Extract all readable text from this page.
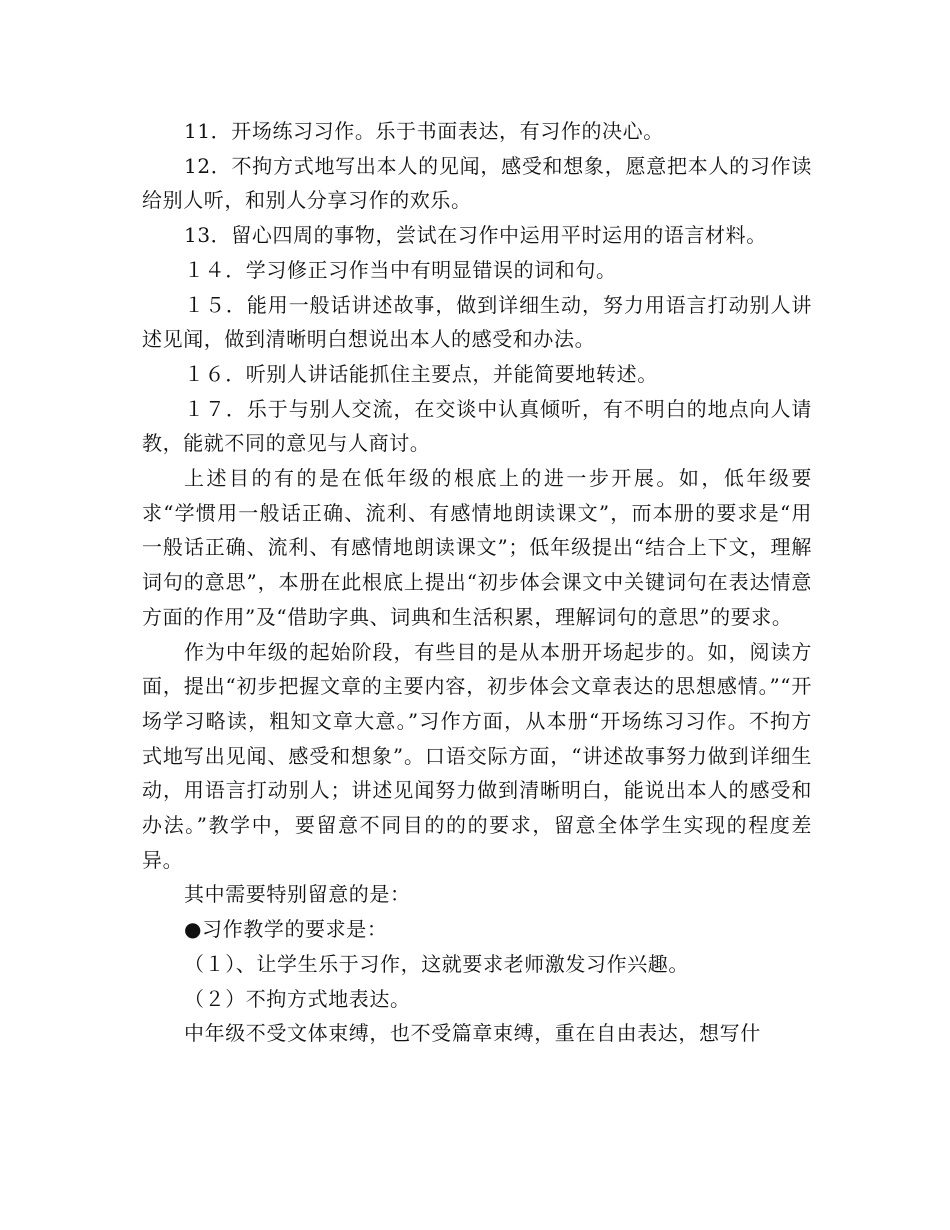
11．开场练习习作。乐于书面表达，有习作的决心。

12．不拘方式地写出本人的见闻，感受和想象，愿意把本人的习作读给别人听，和别人分享习作的欢乐。

13．留心四周的事物，尝试在习作中运用平时运用的语言材料。

１４．学习修正习作当中有明显错误的词和句。

１５．能用一般话讲述故事，做到详细生动，努力用语言打动别人讲述见闻，做到清晰明白想说出本人的感受和办法。

１６．听别人讲话能抓住主要点，并能简要地转述。

１７．乐于与别人交流，在交谈中认真倾听，有不明白的地点向人请教，能就不同的意见与人商讨。

上述目的有的是在低年级的根底上的进一步开展。如，低年级要求“学惯用一般话正确、流利、有感情地朗读课文”，而本册的要求是“用一般话正确、流利、有感情地朗读课文”；低年级提出“结合上下文，理解词句的意思”，本册在此根底上提出“初步体会课文中关键词句在表达情意方面的作用”及“借助字典、词典和生活积累，理解词句的意思”的要求。

作为中年级的起始阶段，有些目的是从本册开场起步的。如，阅读方面，提出“初步把握文章的主要内容，初步体会文章表达的思想感情。”“开场学习略读，粗知文章大意。”习作方面，从本册“开场练习习作。不拘方式地写出见闻、感受和想象”。口语交际方面，“讲述故事努力做到详细生动，用语言打动别人；讲述见闻努力做到清晰明白，能说出本人的感受和办法。”教学中，要留意不同目的的的要求，留意全体学生实现的程度差异。

其中需要特别留意的是：

●习作教学的要求是：

（１）、让学生乐于习作，这就要求老师激发习作兴趣。

（２）不拘方式地表达。

中年级不受文体束缚，也不受篇章束缚，重在自由表达，想写什
